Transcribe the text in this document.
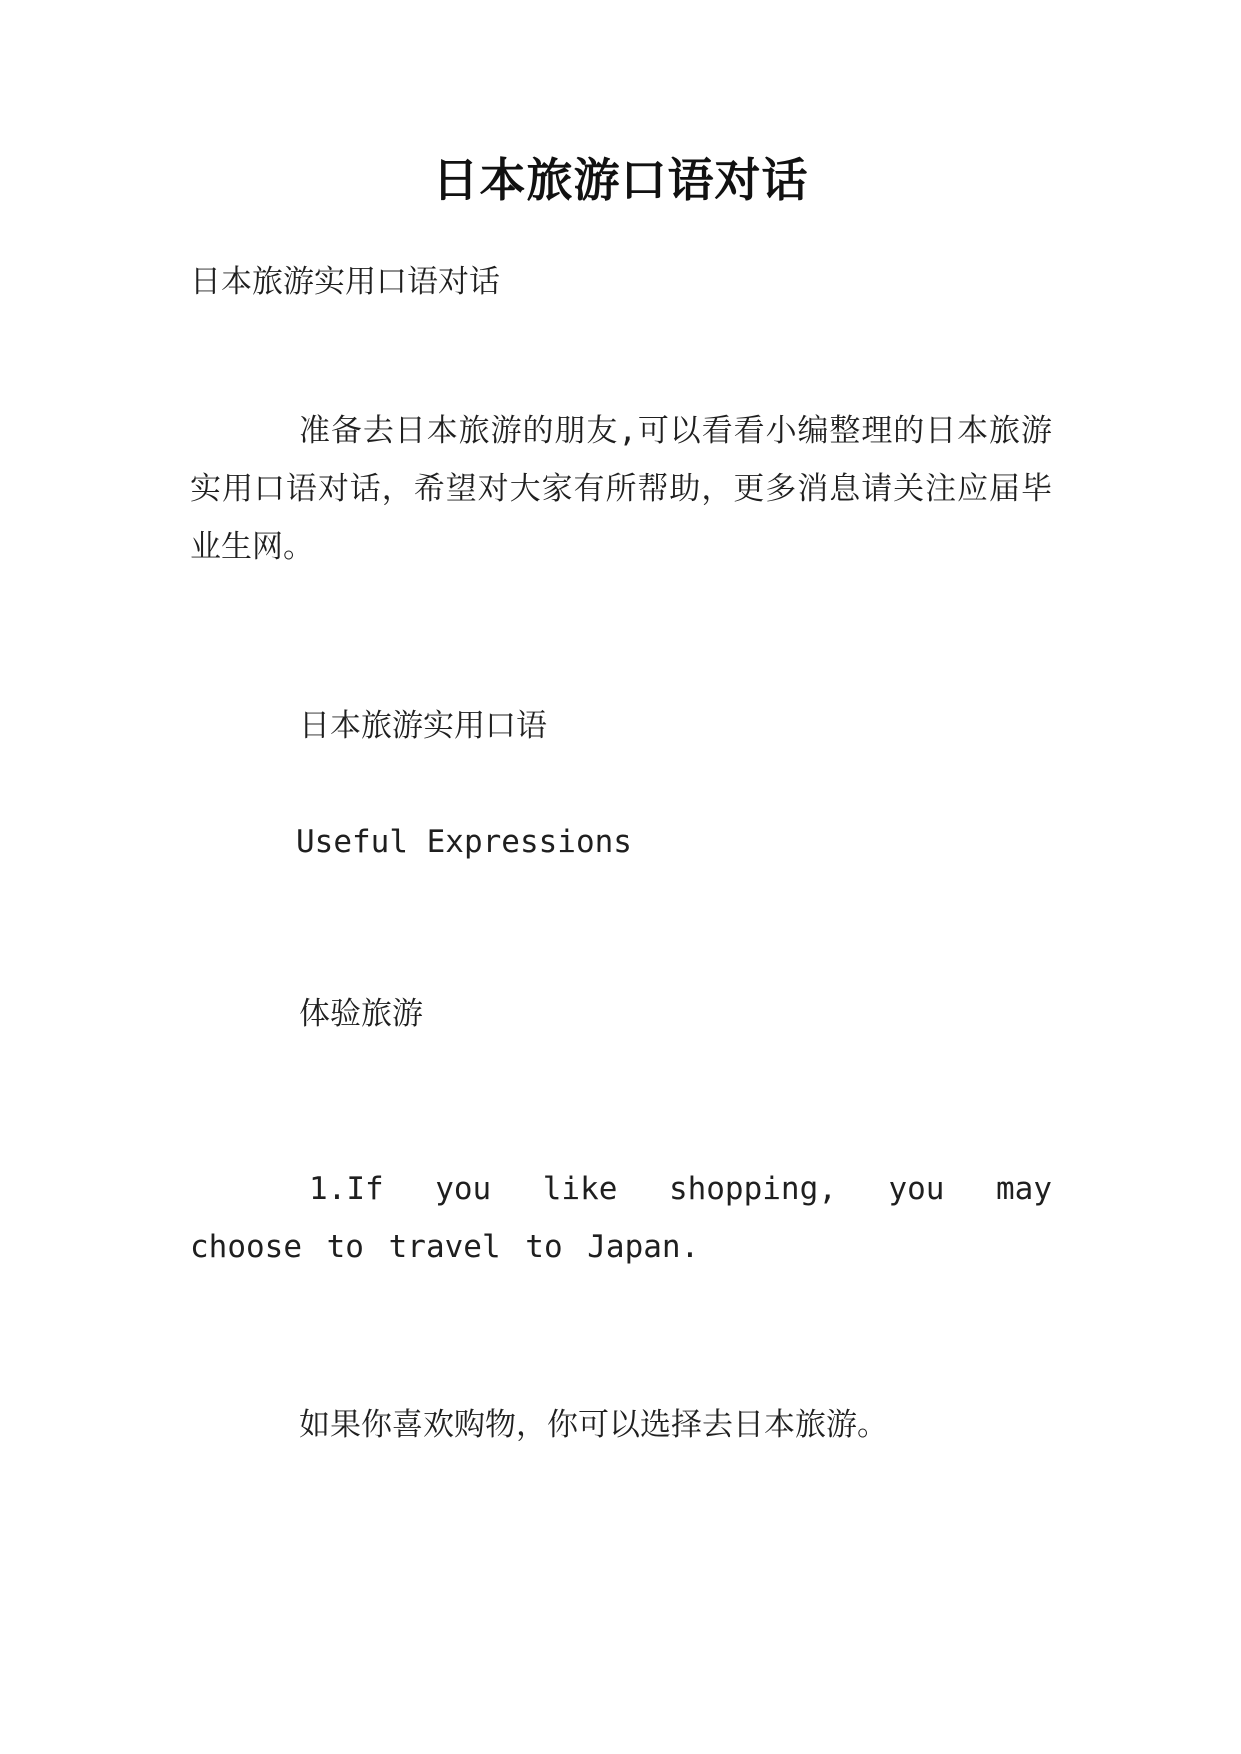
日本旅游口语对话
日本旅游实用口语对话
准备去日本旅游的朋友,可以看看小编整理的日本旅游实用口语对话，希望对大家有所帮助，更多消息请关注应届毕业生网。
日本旅游实用口语
Useful Expressions
体验旅游
1.If you like shopping, you may choose to travel to Japan.
如果你喜欢购物，你可以选择去日本旅游。
